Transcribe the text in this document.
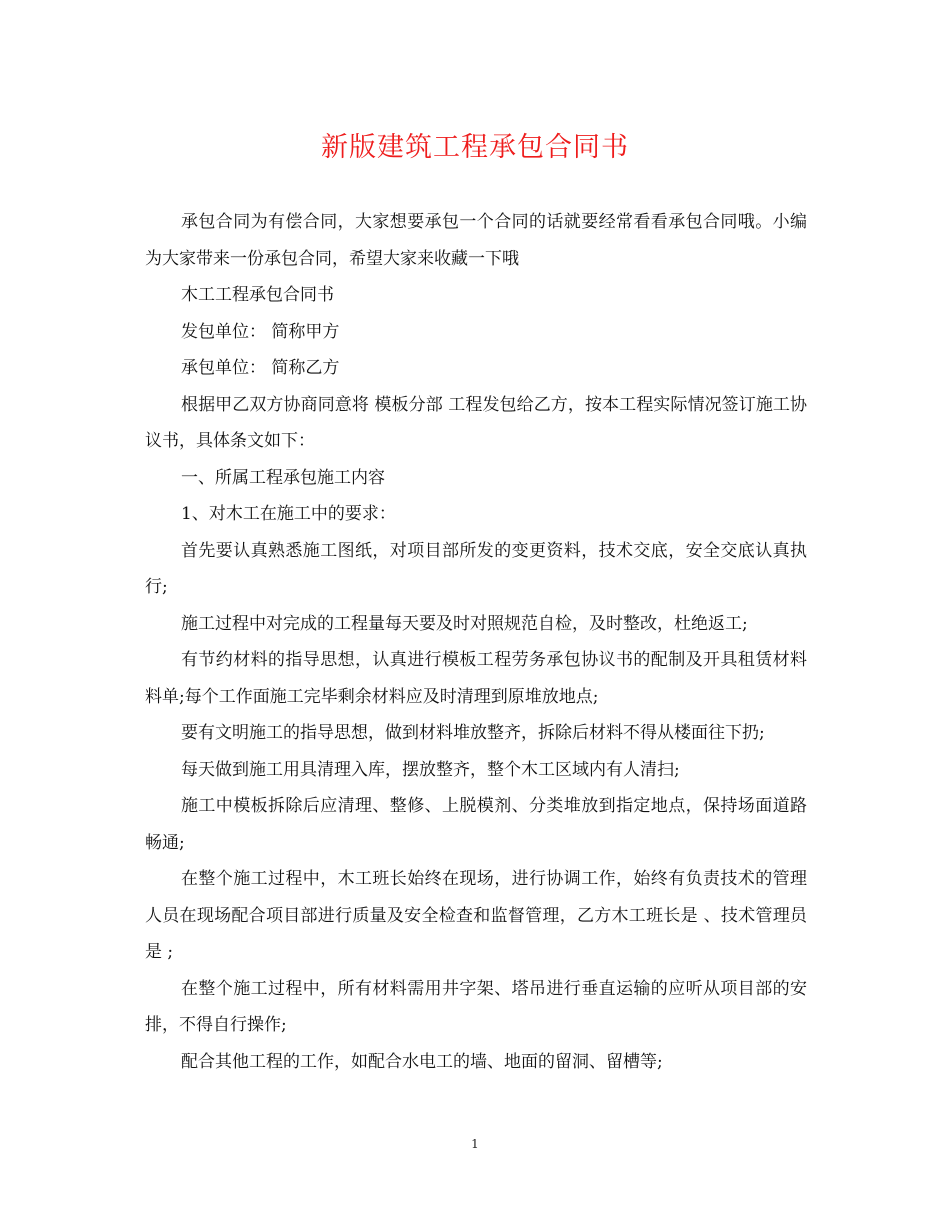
新版建筑工程承包合同书

承包合同为有偿合同，大家想要承包一个合同的话就要经常看看承包合同哦。小编为大家带来一份承包合同，希望大家来收藏一下哦

木工工程承包合同书

发包单位： 简称甲方

承包单位： 简称乙方

根据甲乙双方协商同意将 模板分部 工程发包给乙方，按本工程实际情况签订施工协议书，具体条文如下：

一、所属工程承包施工内容

1、对木工在施工中的要求：

首先要认真熟悉施工图纸，对项目部所发的变更资料，技术交底，安全交底认真执行;

施工过程中对完成的工程量每天要及时对照规范自检，及时整改，杜绝返工;

有节约材料的指导思想，认真进行模板工程劳务承包协议书的配制及开具租赁材料料单;每个工作面施工完毕剩余材料应及时清理到原堆放地点;

要有文明施工的指导思想，做到材料堆放整齐，拆除后材料不得从楼面往下扔;

每天做到施工用具清理入库，摆放整齐，整个木工区域内有人清扫;

施工中模板拆除后应清理、整修、上脱模剂、分类堆放到指定地点，保持场面道路畅通;

在整个施工过程中，木工班长始终在现场，进行协调工作，始终有负责技术的管理人员在现场配合项目部进行质量及安全检查和监督管理，乙方木工班长是 、技术管理员是 ;

在整个施工过程中，所有材料需用井字架、塔吊进行垂直运输的应听从项目部的安排，不得自行操作;

配合其他工程的工作，如配合水电工的墙、地面的留洞、留槽等;

1
